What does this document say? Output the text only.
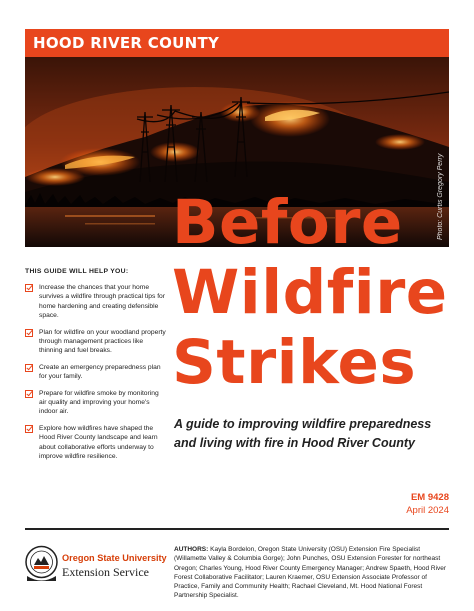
HOOD RIVER COUNTY
Photo: Curtis Gregory Perry
Before
Wildfire
Strikes
A guide to improving wildfire preparedness and living with fire in Hood River County
THIS GUIDE WILL HELP YOU:
Increase the chances that your home survives a wildfire through practical tips for home hardening and creating defensible space.
Plan for wildfire on your woodland property through management practices like thinning and fuel breaks.
Create an emergency preparedness plan for your family.
Prepare for wildfire smoke by monitoring air quality and improving your home's indoor air.
Explore how wildfires have shaped the Hood River County landscape and learn about collaborative efforts underway to improve wildfire resilience.
EM 9428
April 2024
Oregon State University
Extension Service
AUTHORS: Kayla Bordelon, Oregon State University (OSU) Extension Fire Specialist (Willamette Valley & Columbia Gorge); John Punches, OSU Extension Forester for northeast Oregon; Charles Young, Hood River County Emergency Manager; Andrew Spaeth, Hood River Forest Collaborative Facilitator; Lauren Kraemer, OSU Extension Associate Professor of Practice, Family and Community Health; Rachael Cleveland, Mt. Hood National Forest Partnership Specialist.
